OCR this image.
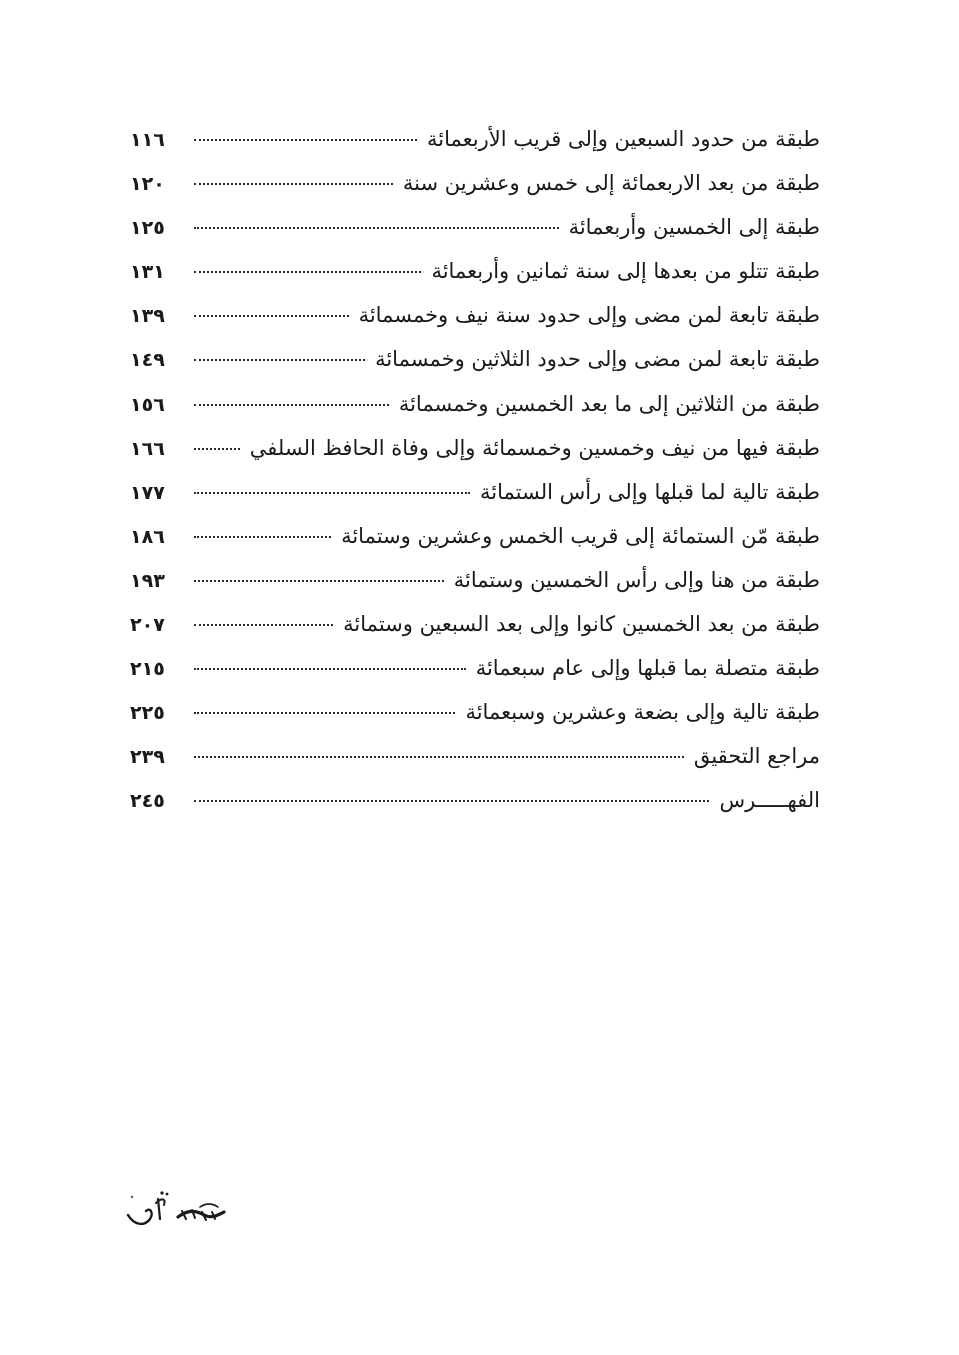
١١٦	طبقة من حدود السبعين وإلى قريب الأربعمائة
١٢٠	طبقة من بعد الاربعمائة إلى خمس وعشرين سنة
١٢٥	طبقة إلى الخمسين وأربعمائة
١٣١	طبقة تتلو من بعدها إلى سنة ثمانين وأربعمائة
١٣٩	طبقة تابعة لمن مضى وإلى حدود سنة نيف وخمسمائة
١٤٩	طبقة تابعة لمن مضى وإلى حدود الثلاثين وخمسمائة
١٥٦	طبقة من الثلاثين إلى ما بعد الخمسين وخمسمائة
١٦٦	طبقة فيها من نيف وخمسين وخمسمائة وإلى وفاة الحافظ السلفي
١٧٧	طبقة تالية لما قبلها وإلى رأس الستمائة
١٨٦	طبقة مّن الستمائة إلى قريب الخمس وعشرين وستمائة
١٩٣	طبقة من هنا وإلى رأس الخمسين وستمائة
٢٠٧	طبقة من بعد الخمسين كانوا وإلى بعد السبعين وستمائة
٢١٥	طبقة متصلة بما قبلها وإلى عام سبعمائة
٢٢٥	طبقة تالية وإلى بضعة وعشرين وسبعمائة
٢٣٩	مراجع التحقيق
٢٤٥	الفهـــــرس
